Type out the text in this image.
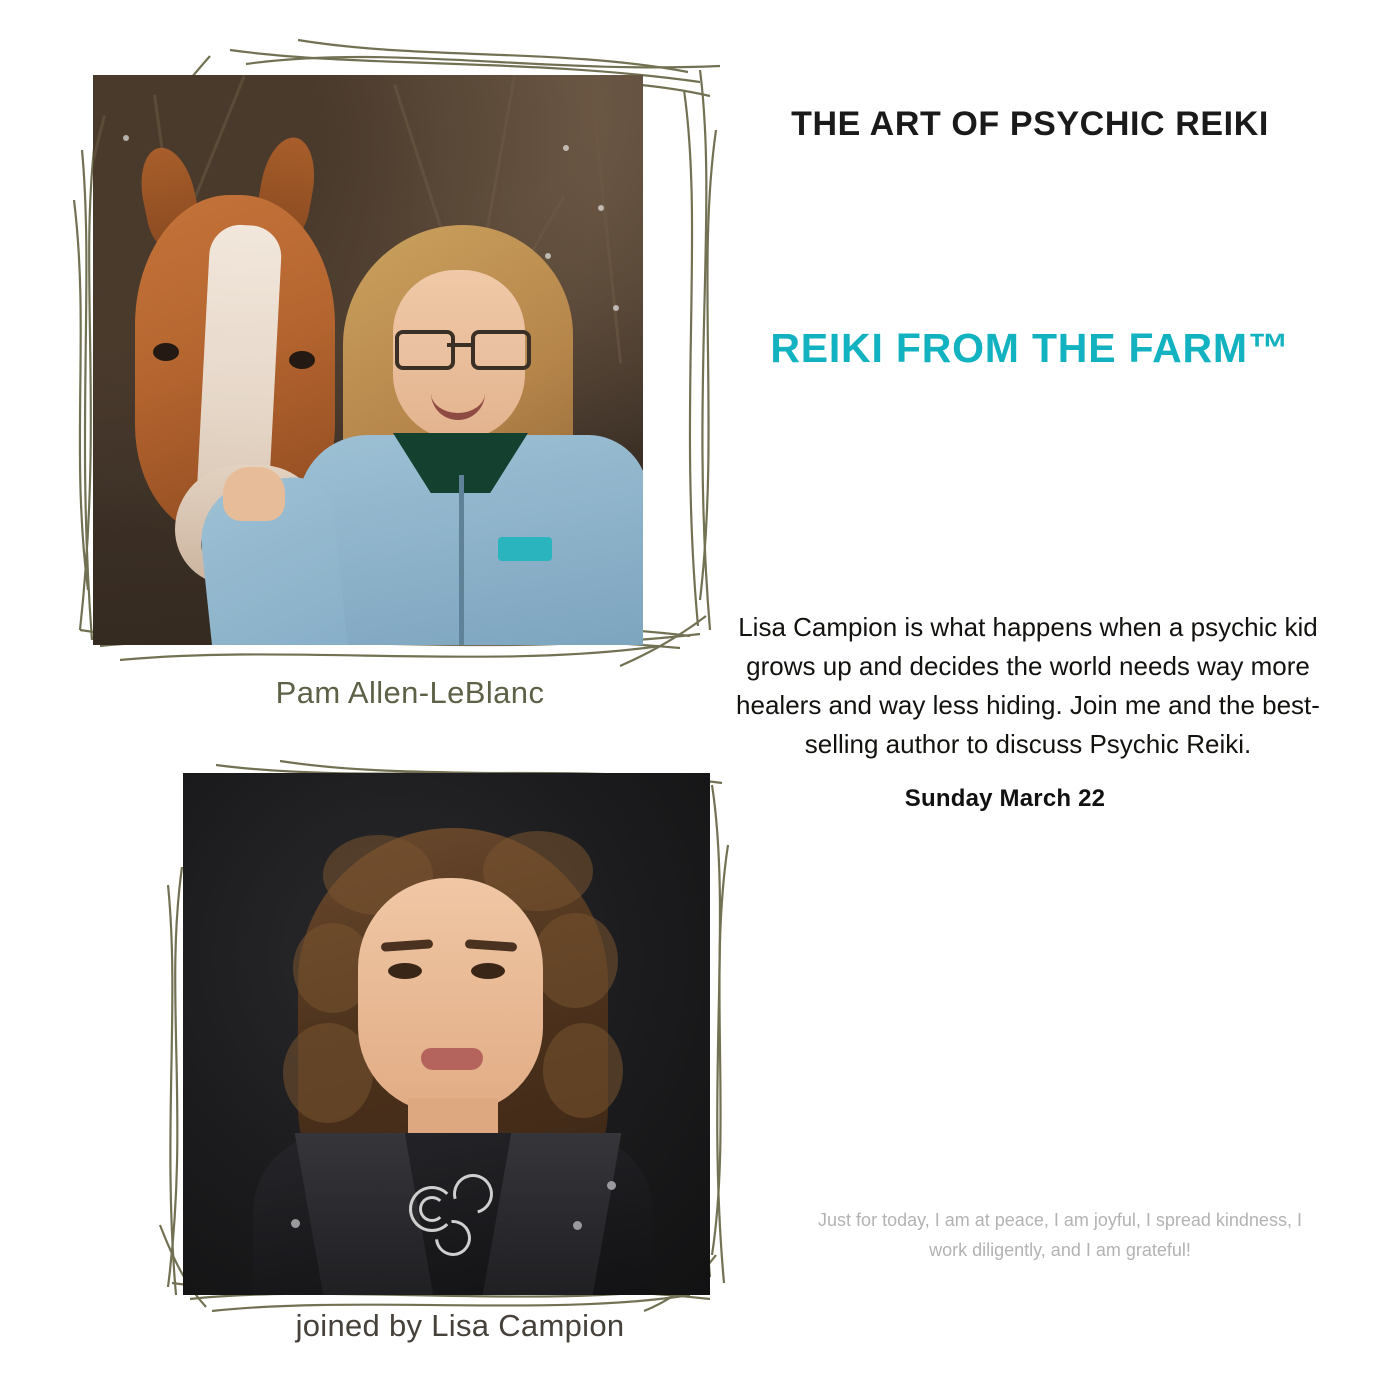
Pam Allen-LeBlanc
joined by Lisa Campion
THE ART OF PSYCHIC REIKI
REIKI FROM THE FARM™
Lisa Campion is what happens when a psychic kid grows up and decides the world needs way more healers and way less hiding. Join me and the best-selling author to discuss Psychic Reiki.
Sunday March 22
Just for today, I am at peace, I am joyful, I spread kindness, I work diligently, and I am grateful!
